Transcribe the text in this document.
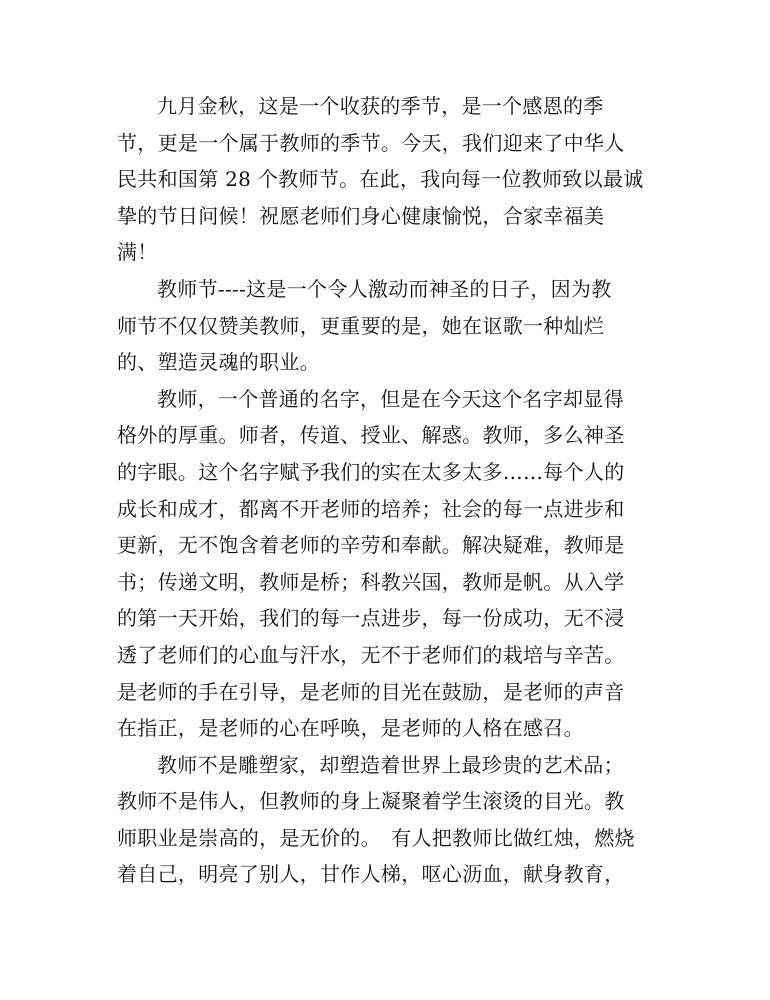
九月金秋，这是一个收获的季节，是一个感恩的季
节，更是一个属于教师的季节。今天，我们迎来了中华人
民共和国第 28 个教师节。在此，我向每一位教师致以最诚
挚的节日问候！祝愿老师们身心健康愉悦，合家幸福美
满！
教师节----这是一个令人激动而神圣的日子，因为教
师节不仅仅赞美教师，更重要的是，她在讴歌一种灿烂
的、塑造灵魂的职业。
教师，一个普通的名字，但是在今天这个名字却显得
格外的厚重。师者，传道、授业、解惑。教师，多么神圣
的字眼。这个名字赋予我们的实在太多太多……每个人的
成长和成才，都离不开老师的培养；社会的每一点进步和
更新，无不饱含着老师的辛劳和奉献。解决疑难，教师是
书；传递文明，教师是桥；科教兴国，教师是帆。从入学
的第一天开始，我们的每一点进步，每一份成功，无不浸
透了老师们的心血与汗水，无不于老师们的栽培与辛苦。
是老师的手在引导，是老师的目光在鼓励，是老师的声音
在指正，是老师的心在呼唤，是老师的人格在感召。
教师不是雕塑家，却塑造着世界上最珍贵的艺术品；
教师不是伟人，但教师的身上凝聚着学生滚烫的目光。教
师职业是崇高的，是无价的。　有人把教师比做红烛，燃烧
着自己，明亮了别人，甘作人梯，呕心沥血，献身教育，
